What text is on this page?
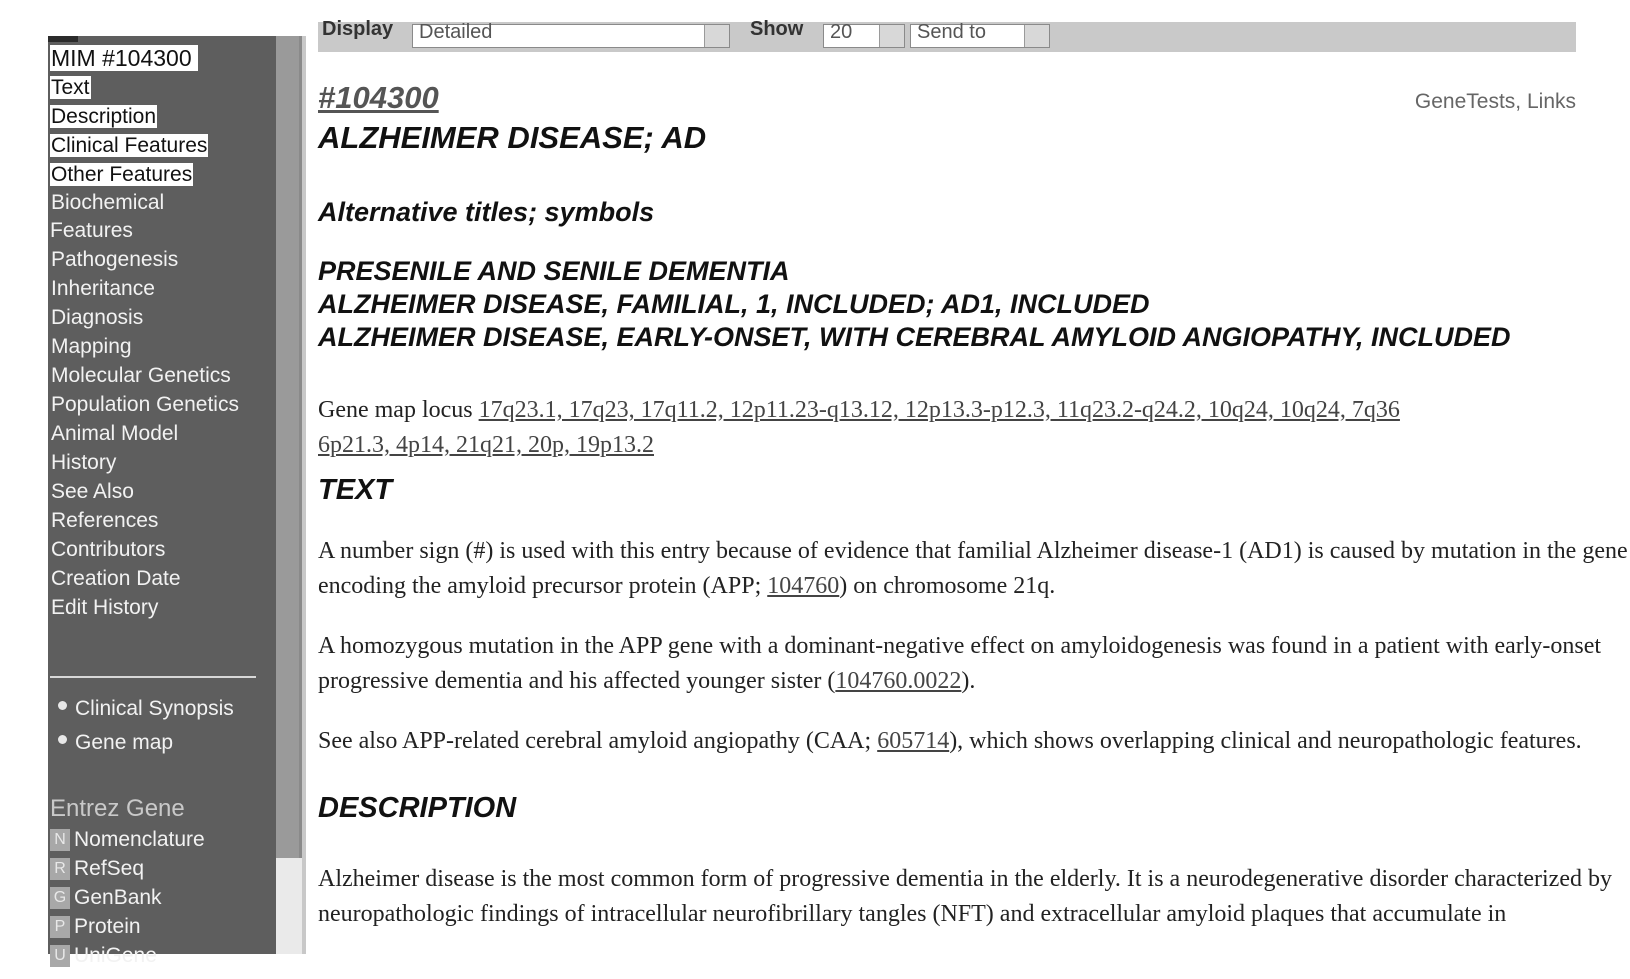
MIM #104300
Text
Description
Clinical Features
Other Features
Biochemical Features
Pathogenesis
Inheritance
Diagnosis
Mapping
Molecular Genetics
Population Genetics
Animal Model
History
See Also
References
Contributors
Creation Date
Edit History
Clinical Synopsis
Gene map
Entrez Gene
N Nomenclature
R RefSeq
G GenBank
P Protein
U UniGene
Display	Detailed	Show	20	Send to
#104300	GeneTests, Links
ALZHEIMER DISEASE; AD
Alternative titles; symbols
PRESENILE AND SENILE DEMENTIA
ALZHEIMER DISEASE, FAMILIAL, 1, INCLUDED; AD1, INCLUDED
ALZHEIMER DISEASE, EARLY-ONSET, WITH CEREBRAL AMYLOID ANGIOPATHY, INCLUDED
Gene map locus 17q23.1, 17q23, 17q11.2, 12p11.23-q13.12, 12p13.3-p12.3, 11q23.2-q24.2, 10q24, 10q24, 7q36
6p21.3, 4p14, 21q21, 20p, 19p13.2
TEXT
A number sign (#) is used with this entry because of evidence that familial Alzheimer disease-1 (AD1) is caused by mutation in the gene
encoding the amyloid precursor protein (APP; 104760) on chromosome 21q.
A homozygous mutation in the APP gene with a dominant-negative effect on amyloidogenesis was found in a patient with early-onset
progressive dementia and his affected younger sister (104760.0022).
See also APP-related cerebral amyloid angiopathy (CAA; 605714), which shows overlapping clinical and neuropathologic features.
DESCRIPTION
Alzheimer disease is the most common form of progressive dementia in the elderly. It is a neurodegenerative disorder characterized by
neuropathologic findings of intracellular neurofibrillary tangles (NFT) and extracellular amyloid plaques that accumulate in
